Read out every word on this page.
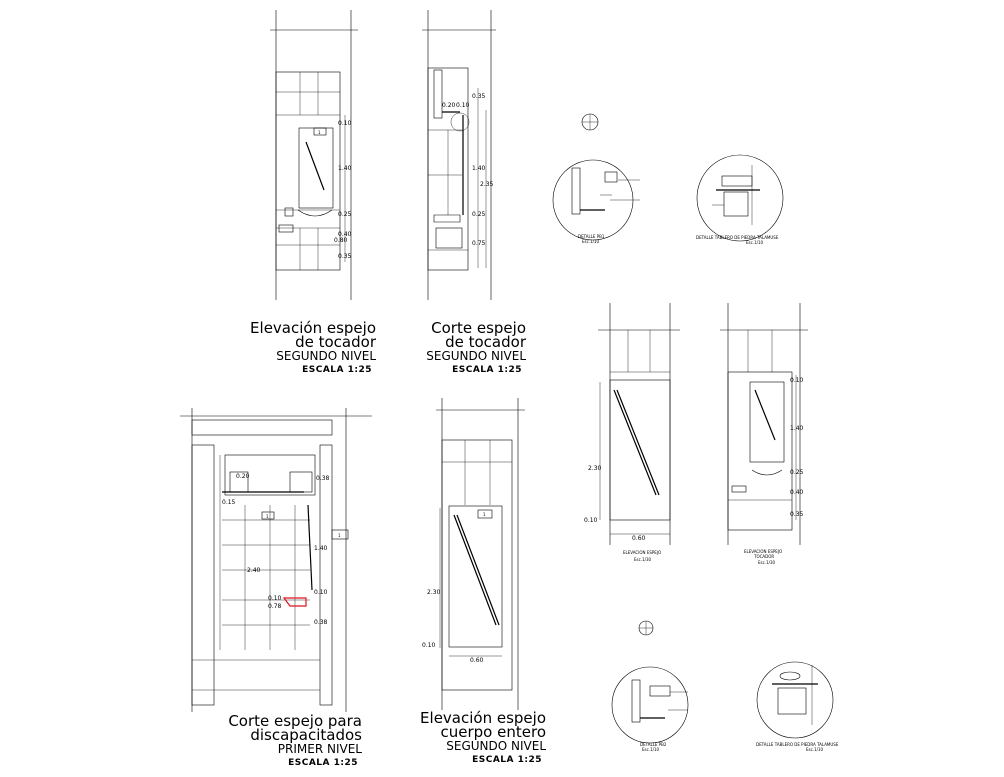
1
0.10
1.40
0.25
0.40
0.80
0.35
Elevación espejo
de tocador
SEGUNDO NIVEL
ESCALA 1:25
0.35
0.20 0.10
1.40
2.35
0.25
0.75
Corte espejo
de tocador
SEGUNDO NIVEL
ESCALA 1:25
1
1
0.38
0.20
0.15
1.40
2.40
0.10
0.10
0.78
0.38
Corte espejo para
discapacitados
PRIMER NIVEL
ESCALA 1:25
1
2.30
0.10
0.60
Elevación espejo
cuerpo entero
SEGUNDO NIVEL
ESCALA 1:25
2.30
0.10
0.60
ELEVACION ESPEJO
Esc.1/30
0.10
1.40
0.25
0.40
0.35
ELEVACION ESPEJO
TOCADOR
Esc.1/30
DETALLE PB1
Esc.1/10
DETALLE TABLERO DE PIEDRA TALAMUSE
Esc.1/10
DETALLE PB2
Esc.1/10
DETALLE TABLERO DE PIEDRA TALAMUSE
Esc.1/10
